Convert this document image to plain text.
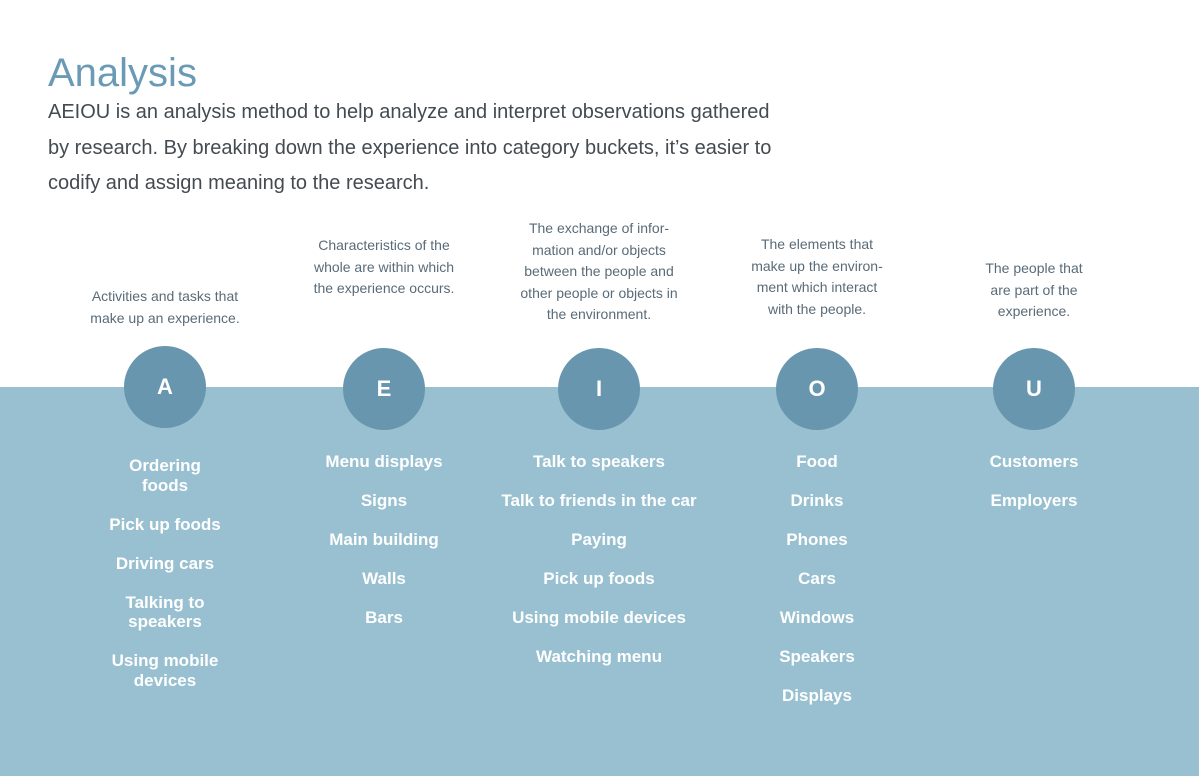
Analysis

AEIOU is an analysis method to help analyze and interpret observations gathered by research. By breaking down the experience into category buckets, it’s easier to codify and assign meaning to the research.

Activities and tasks that make up an experience.

A
Ordering foods
Pick up foods
Driving cars
Talking to speakers
Using mobile devices

Characteristics of the whole are within which the experience occurs.

E
Menu displays
Signs
Main building
Walls
Bars

The exchange of infor-mation and/or objects between the people and other people or objects in the environment.

I
Talk to speakers
Talk to friends in the car
Paying
Pick up foods
Using mobile devices
Watching menu

The elements that make up the environ-ment which interact with the people.

O
Food
Drinks
Phones
Cars
Windows
Speakers
Displays

The people that are part of the experience.

U
Customers
Employers
